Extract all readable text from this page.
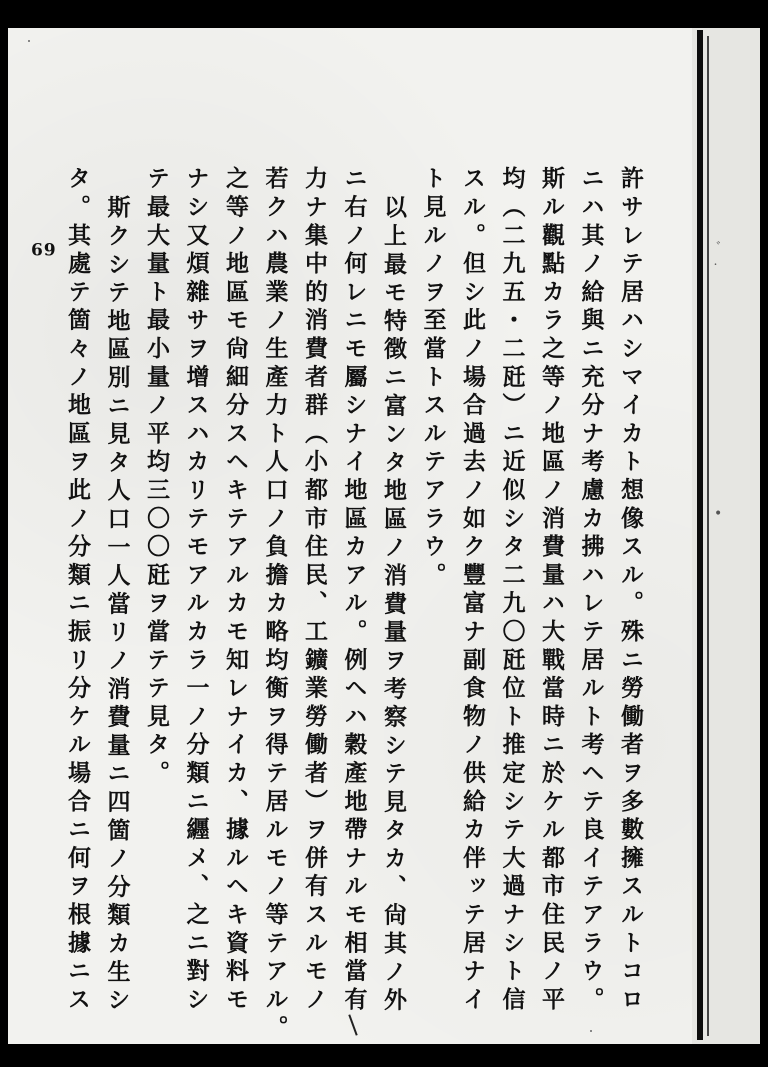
69	ﾞ
˙
•

許サレテ居ハシマイカト想像スル。殊ニ勞働者ヲ多數擁スルトコロ

ニハ其ノ給與ニ充分ナ考慮カ拂ハレテ居ルト考ヘテ良イテアラウ。

斯ル觀點カラ之等ノ地區ノ消費量ハ大戰當時ニ於ケル都市住民ノ平

均（二九五・二瓩）ニ近似シタ二九〇瓩位ト推定シテ大過ナシト信

スル。但シ此ノ場合過去ノ如ク豐富ナ副食物ノ供給カ伴ッテ居ナイ

ト見ルノヲ至當トスルテアラウ。

以上最モ特徴ニ富ンタ地區ノ消費量ヲ考察シテ見タカ、尙其ノ外

ニ右ノ何レニモ屬シナイ地區カアル。例ヘハ穀產地帶ナルモ相當有

力ナ集中的消費者群（小都市住民、工鑛業勞働者）ヲ併有スルモノ

若クハ農業ノ生產力ト人口ノ負擔カ略均衡ヲ得テ居ルモノ等テアル。

之等ノ地區モ尙細分スヘキテアルカモ知レナイカ、據ルヘキ資料モ

ナシ又煩雜サヲ增スハカリテモアルカラ一ノ分類ニ纒メ、之ニ對シ

テ最大量ト最小量ノ平均三〇〇瓩ヲ當テテ見タ。

斯クシテ地區別ニ見タ人口一人當リノ消費量ニ四箇ノ分類カ生シ

タ。其處テ箇々ノ地區ヲ此ノ分類ニ振リ分ケル場合ニ何ヲ根據ニス
